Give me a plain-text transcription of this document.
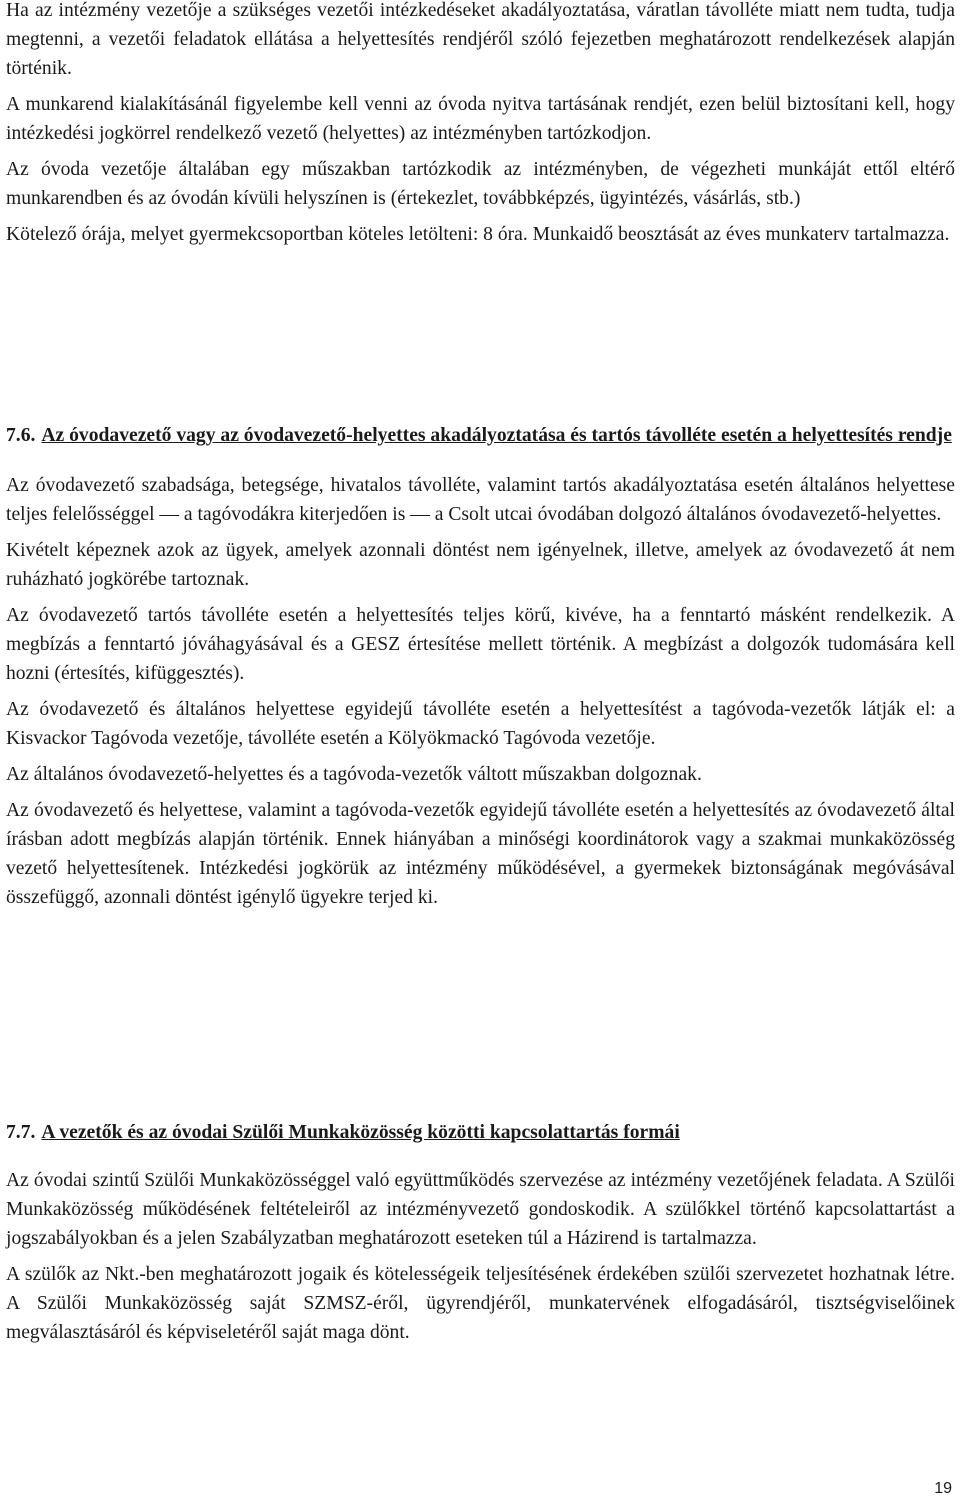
Ha az intézmény vezetője a szükséges vezetői intézkedéseket akadályoztatása, váratlan távolléte miatt nem tudta, tudja megtenni, a vezetői feladatok ellátása a helyettesítés rendjéről szóló fejezetben meghatározott rendelkezések alapján történik.

A munkarend kialakításánál figyelembe kell venni az óvoda nyitva tartásának rendjét, ezen belül biztosítani kell, hogy intézkedési jogkörrel rendelkező vezető (helyettes) az intézményben tartózkodjon.

Az óvoda vezetője általában egy műszakban tartózkodik az intézményben, de végezheti munkáját ettől eltérő munkarendben és az óvodán kívüli helyszínen is (értekezlet, továbbképzés, ügyintézés, vásárlás, stb.)

Kötelező órája, melyet gyermekcsoportban köteles letölteni: 8 óra. Munkaidő beosztását az éves munkaterv tartalmazza.

7.6. Az óvodavezető vagy az óvodavezető-helyettes akadályoztatása és tartós távolléte esetén a helyettesítés rendje

Az óvodavezető szabadsága, betegsége, hivatalos távolléte, valamint tartós akadályoztatása esetén általános helyettese teljes felelősséggel ― a tagóvodákra kiterjedően is ― a Csolt utcai óvodában dolgozó általános óvodavezető-helyettes.

Kivételt képeznek azok az ügyek, amelyek azonnali döntést nem igényelnek, illetve, amelyek az óvodavezető át nem ruházható jogkörébe tartoznak.

Az óvodavezető tartós távolléte esetén a helyettesítés teljes körű, kivéve, ha a fenntartó másként rendelkezik. A megbízás a fenntartó jóváhagyásával és a GESZ értesítése mellett történik. A megbízást a dolgozók tudomására kell hozni (értesítés, kifüggesztés).

Az óvodavezető és általános helyettese egyidejű távolléte esetén a helyettesítést a tagóvoda-vezetők látják el: a Kisvackor Tagóvoda vezetője, távolléte esetén a Kölyökmackó Tagóvoda vezetője.

Az általános óvodavezető-helyettes és a tagóvoda-vezetők váltott műszakban dolgoznak.

Az óvodavezető és helyettese, valamint a tagóvoda-vezetők egyidejű távolléte esetén a helyettesítés az óvodavezető által írásban adott megbízás alapján történik. Ennek hiányában a minőségi koordinátorok vagy a szakmai munkaközösség vezető helyettesítenek. Intézkedési jogkörük az intézmény működésével, a gyermekek biztonságának megóvásával összefüggő, azonnali döntést igénylő ügyekre terjed ki.

7.7. A vezetők és az óvodai Szülői Munkaközösség közötti kapcsolattartás formái

Az óvodai szintű Szülői Munkaközösséggel való együttműködés szervezése az intézmény vezetőjének feladata. A Szülői Munkaközösség működésének feltételeiről az intézményvezető gondoskodik. A szülőkkel történő kapcsolattartást a jogszabályokban és a jelen Szabályzatban meghatározott eseteken túl a Házirend is tartalmazza.

A szülők az Nkt.-ben meghatározott jogaik és kötelességeik teljesítésének érdekében szülői szervezetet hozhatnak létre. A Szülői Munkaközösség saját SZMSZ-éről, ügyrendjéről, munkatervének elfogadásáról, tisztségviselőinek megválasztásáról és képviseletéről saját maga dönt.

19
